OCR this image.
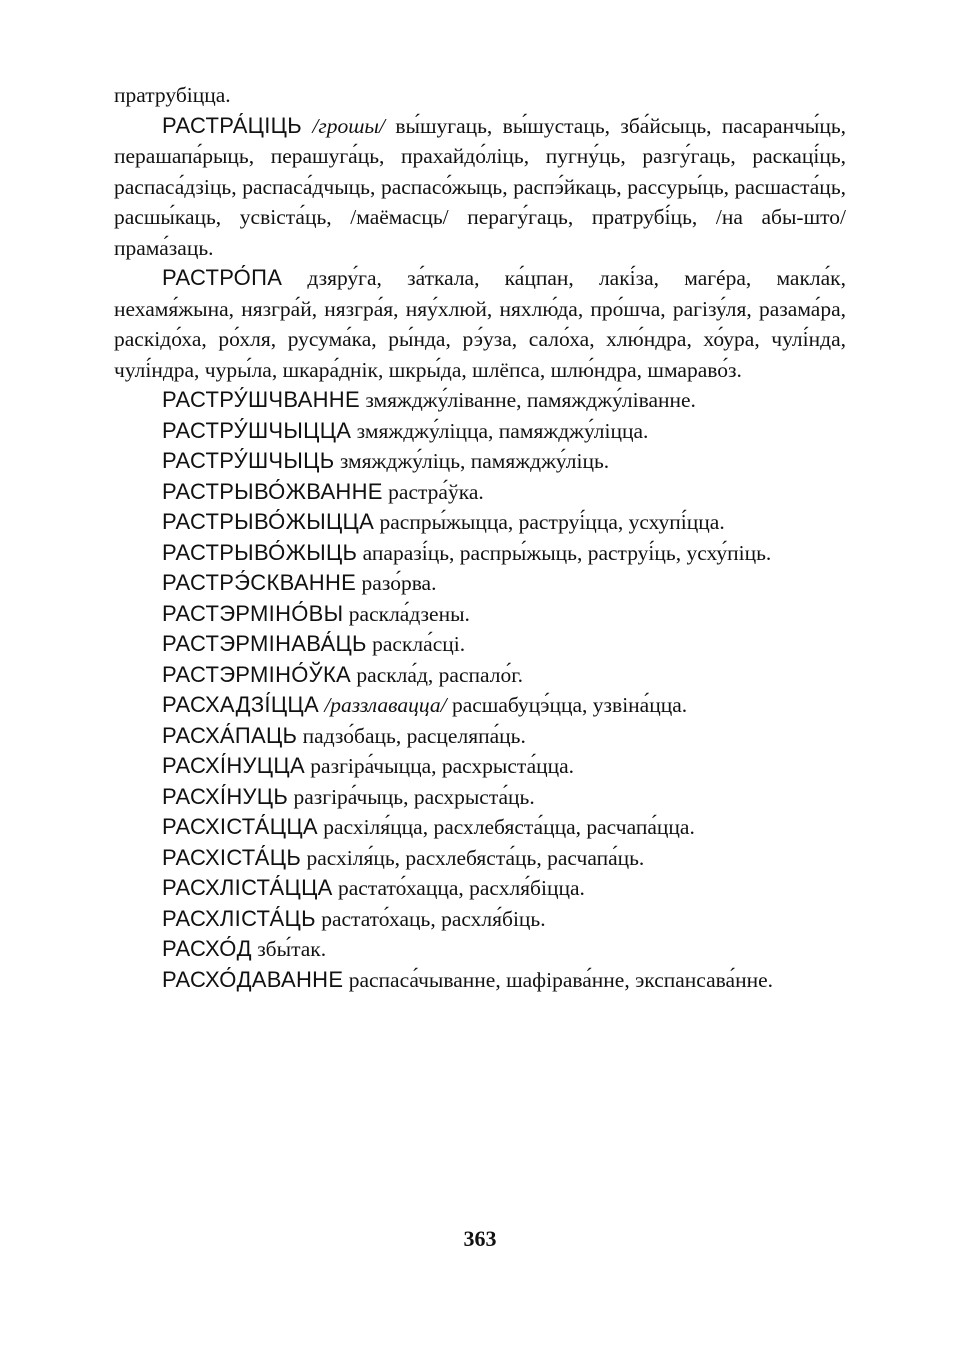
пратрубіцца.

РАСТРА́ЦІЦЬ /грошы/ вы́шугаць, вы́шустаць, зба́йсыць, пасаранчы́ць, перашапа́рыць, перашуга́ць, прахайдо́ліць, пугну́ць, разгу́гаць, раскаці́ць, распаса́дзіць, распаса́дчыць, распасо́жыць, распэ́йкаць, рассуры́ць, расшаста́ць, расшы́каць, усвіста́ць, /маёмасць/ перагу́гаць, пратрубі́ць, /на абы-што/ прама́заць.

РАСТРО́ПА дзяру́га, за́ткала, ка́цпан, лакі́за, магéра, макла́к, нехамя́жына, нязгра́й, нязгра́я, няу́хлюй, няхлю́да, про́шча, рагізу́ля, разама́ра, раскідо́ха, ро́хля, русума́ка, ры́нда, рэ́уза, сало́ха, хлю́ндра, хо́ура, чулі́нда, чулі́ндра, чуры́ла, шкара́днік, шкры́да, шлёпса, шлю́ндра, шмараво́з.

РАСТРУ́ШЧВАННЕ змяжджу́ліванне, памяжджу́ліванне.

РАСТРУ́ШЧЫЦЦА змяжджу́ліцца, памяжджу́ліцца.

РАСТРУ́ШЧЫЦЬ змяжджу́ліць, памяжджу́ліць.

РАСТРЫВО́ЖВАННЕ растра́ўка.

РАСТРЫВО́ЖЫЦЦА распры́жыцца, раструі́цца, усхупі́цца.

РАСТРЫВО́ЖЫЦЬ апаразі́ць, распры́жыць, раструі́ць, усху́піць.

РАСТРЭ́СКВАННЕ разо́рва.

РАСТЭРМІНО́ВЫ раскла́дзены.

РАСТЭРМІНАВА́ЦЬ раскла́сці.

РАСТЭРМІНО́ЎКА раскла́д, распало́г.

РАСХАДЗІ́ЦЦА /раззлавацца/ расшабуцэ́цца, узвіна́цца.

РАСХА́ПАЦЬ падзо́баць, расцеляпа́ць.

РАСХІ́НУЦЦА разгіра́чыцца, расхрыста́цца.

РАСХІ́НУЦЬ разгіра́чыць, расхрыста́ць.

РАСХІСТА́ЦЦА расхіля́цца, расхлебяста́цца, расчапа́цца.

РАСХІСТА́ЦЬ расхіля́ць, расхлебяста́ць, расчапа́ць.

РАСХЛІСТА́ЦЦА растато́хацца, расхля́біцца.

РАСХЛІСТА́ЦЬ растато́хаць, расхля́біць.

РАСХО́Д збы́так.

РАСХО́ДАВАННЕ распаса́чыванне, шафірава́нне, экспансава́нне.

363
